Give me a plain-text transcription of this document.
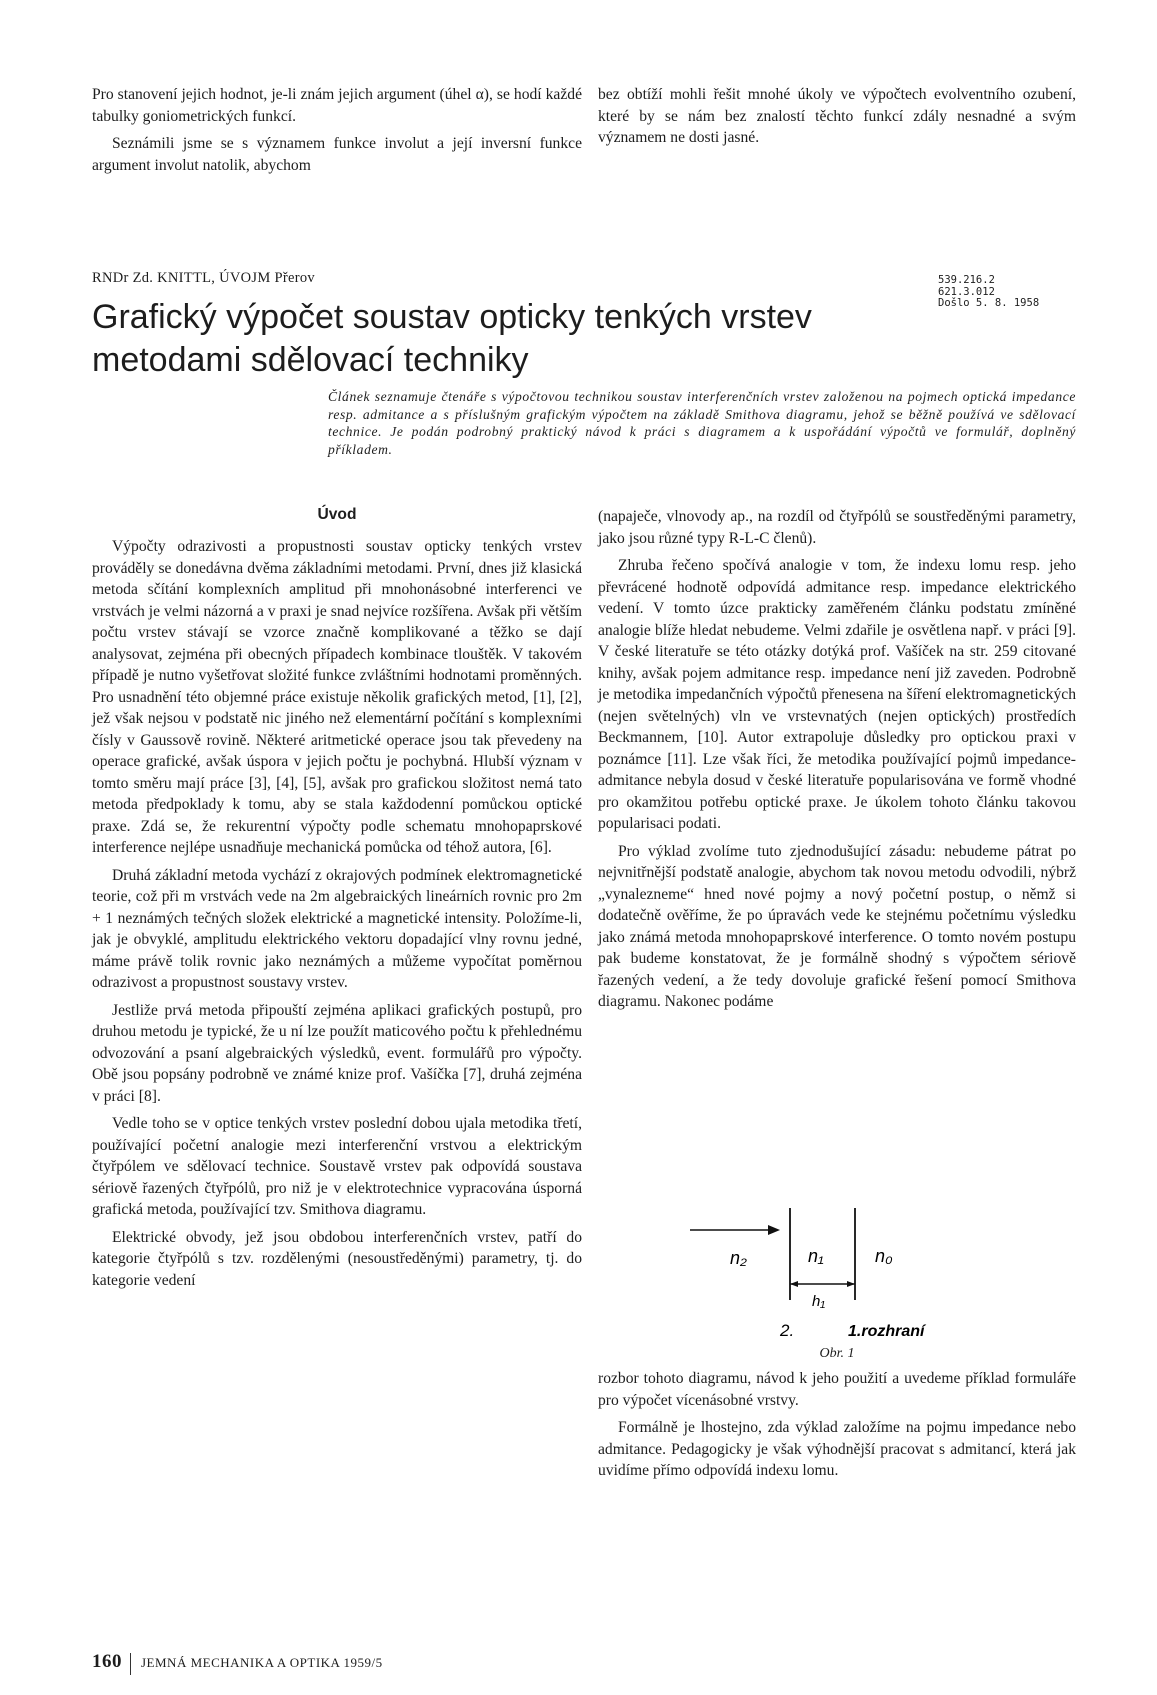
Pro stanovení jejich hodnot, je-li znám jejich argument (úhel α), se hodí každé tabulky goniometrických funkcí.

Seznámili jsme se s významem funkce involut a její inversní funkce argument involut natolik, abychom

bez obtíží mohli řešit mnohé úkoly ve výpočtech evolventního ozubení, které by se nám bez znalostí těchto funkcí zdály nesnadné a svým významem ne dosti jasné.

RNDr Zd. KNITTL, ÚVOJM Přerov	539.216.2
621.3.012
Došlo 5. 8. 1958
Grafický výpočet soustav opticky tenkých vrstev metodami sdělovací techniky
Článek seznamuje čtenáře s výpočtovou technikou soustav interferenčních vrstev založenou na pojmech optická impedance resp. admitance a s příslušným grafickým výpočtem na základě Smithova diagramu, jehož se běžně používá ve sdělovací technice. Je podán podrobný praktický návod k práci s diagramem a k uspořádání výpočtů ve formulář, doplněný příkladem.
Úvod

Výpočty odrazivosti a propustnosti soustav opticky tenkých vrstev prováděly se donedávna dvěma základními metodami. První, dnes již klasická metoda sčítání komplexních amplitud při mnohonásobné interferenci ve vrstvách je velmi názorná a v praxi je snad nejvíce rozšířena. Avšak při větším počtu vrstev stávají se vzorce značně komplikované a těžko se dají analysovat, zejména při obecných případech kombinace tlouštěk. V takovém případě je nutno vyšetřovat složité funkce zvláštními hodnotami proměnných. Pro usnadnění této objemné práce existuje několik grafických metod, [1], [2], jež však nejsou v podstatě nic jiného než elementární počítání s komplexními čísly v Gaussově rovině. Některé aritmetické operace jsou tak převedeny na operace grafické, avšak úspora v jejich počtu je pochybná. Hlubší význam v tomto směru mají práce [3], [4], [5], avšak pro grafickou složitost nemá tato metoda předpoklady k tomu, aby se stala každodenní pomůckou optické praxe. Zdá se, že rekurentní výpočty podle schematu mnohopaprskové interference nejlépe usnadňuje mechanická pomůcka od téhož autora, [6].

Druhá základní metoda vychází z okrajových podmínek elektromagnetické teorie, což při m vrstvách vede na 2m algebraických lineárních rovnic pro 2m + 1 neznámých tečných složek elektrické a magnetické intensity. Položíme-li, jak je obvyklé, amplitudu elektrického vektoru dopadající vlny rovnu jedné, máme právě tolik rovnic jako neznámých a můžeme vypočítat poměrnou odrazivost a propustnost soustavy vrstev.

Jestliže prvá metoda připouští zejména aplikaci grafických postupů, pro druhou metodu je typické, že u ní lze použít maticového počtu k přehlednému odvozování a psaní algebraických výsledků, event. formulářů pro výpočty. Obě jsou popsány podrobně ve známé knize prof. Vašíčka [7], druhá zejména v práci [8].

Vedle toho se v optice tenkých vrstev poslední dobou ujala metodika třetí, používající početní analogie mezi interferenční vrstvou a elektrickým čtyřpólem ve sdělovací technice. Soustavě vrstev pak odpovídá soustava sériově řazených čtyřpólů, pro niž je v elektrotechnice vypracována úsporná grafická metoda, používající tzv. Smithova diagramu.

Elektrické obvody, jež jsou obdobou interferenčních vrstev, patří do kategorie čtyřpólů s tzv. rozdělenými (nesoustředěnými) parametry, tj. do kategorie vedení

(napaječe, vlnovody ap., na rozdíl od čtyřpólů se soustředěnými parametry, jako jsou různé typy R-L-C členů).

Zhruba řečeno spočívá analogie v tom, že indexu lomu resp. jeho převrácené hodnotě odpovídá admitance resp. impedance elektrického vedení. V tomto úzce prakticky zaměřeném článku podstatu zmíněné analogie blíže hledat nebudeme. Velmi zdařile je osvětlena např. v práci [9]. V české literatuře se této otázky dotýká prof. Vašíček na str. 259 citované knihy, avšak pojem admitance resp. impedance není již zaveden. Podrobně je metodika impedančních výpočtů přenesena na šíření elektromagnetických (nejen světelných) vln ve vrstevnatých (nejen optických) prostředích Beckmannem, [10]. Autor extrapoluje důsledky pro optickou praxi v poznámce [11]. Lze však říci, že metodika používající pojmů impedance-admitance nebyla dosud v české literatuře popularisována ve formě vhodné pro okamžitou potřebu optické praxe. Je úkolem tohoto článku takovou popularisaci podati.

Pro výklad zvolíme tuto zjednodušující zásadu: nebudeme pátrat po nejvnitřnější podstatě analogie, abychom tak novou metodu odvodili, nýbrž „vynalezneme“ hned nové pojmy a nový početní postup, o němž si dodatečně ověříme, že po úpravách vede ke stejnému početnímu výsledku jako známá metoda mnohopaprskové interference. O tomto novém postupu pak budeme konstatovat, že je formálně shodný s výpočtem sériově řazených vedení, a že tedy dovoluje grafické řešení pomocí Smithova diagramu. Nakonec podáme

n₂	n₁	n₀
h₁
2.	1.rozhraní
Obr. 1

rozbor tohoto diagramu, návod k jeho použití a uvedeme příklad formuláře pro výpočet vícenásobné vrstvy.

Formálně je lhostejno, zda výklad založíme na pojmu impedance nebo admitance. Pedagogicky je však výhodnější pracovat s admitancí, která jak uvidíme přímo odpovídá indexu lomu.

160 JEMNÁ MECHANIKA A OPTIKA 1959/5
